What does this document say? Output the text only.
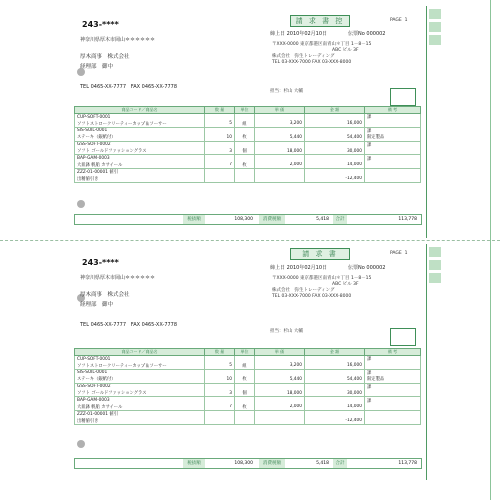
243-****
神奈川県厚木市岡山＊＊＊＊＊＊
厚木商事　株式会社
経理部　御中
TEL 0465-XX-7777 FAX 0465-XX-7778
請 求 書 控	PAGE 1
締上日 2010年02月10日	伝票No 000002
〒XXX-0000 東京都港区南青山＊丁目 1－8－15
ABC ビル 3F
株式会社　弥生トレーディング
TEL 03-XXX-7000 FAX 03-XXX-8000
担当：杉山 大輔
商品コード／商品名	数 量	単位	単 価	金 額	備 考
CUP-SOFT-0001					課
ソフトストロークリーティーカップ＆ソーサー	5	組	3,200	16,000	
SIS-SUIL-0001					課
ステーキ（銀紙付）	10	枚	5,440	54,400	限定製品
GSS-SOFT-0002					課
ソフト ゴールドファッショングラス	3	個	18,000	30,000	
BAP-GAM-0003					課
大皿鉢 帆船 カサイール	7	枚	2,000	14,000	
ZZZ-01-00001 値引					
出精値引き				-12,400	
税抜額	108,300	消費税額	5,418	合計	113,778
243-****
神奈川県厚木市岡山＊＊＊＊＊＊
厚木商事　株式会社
経理部　御中
TEL 0465-XX-7777 FAX 0465-XX-7778
請 求 書	PAGE 1
締上日 2010年02月10日	伝票No 000002
〒XXX-0000 東京都港区南青山＊丁目 1－8－15
ABC ビル 3F
株式会社　弥生トレーディング
TEL 03-XXX-7000 FAX 03-XXX-8000
担当：杉山 大輔
商品コード／商品名	数 量	単位	単 価	金 額	備 考
CUP-SOFT-0001					課
ソフトストロークリーティーカップ＆ソーサー	5	組	3,200	16,000	
SIS-SUIL-0001					課
ステーキ（銀紙付）	10	枚	5,440	54,400	限定製品
GSS-SOFT-0002					課
ソフト ゴールドファッショングラス	3	個	18,000	30,000	
BAP-GAM-0003					課
大皿鉢 帆船 カサイール	7	枚	2,000	14,000	
ZZZ-01-00001 値引					
出精値引き				-12,400	
税抜額	108,300	消費税額	5,418	合計	113,778
